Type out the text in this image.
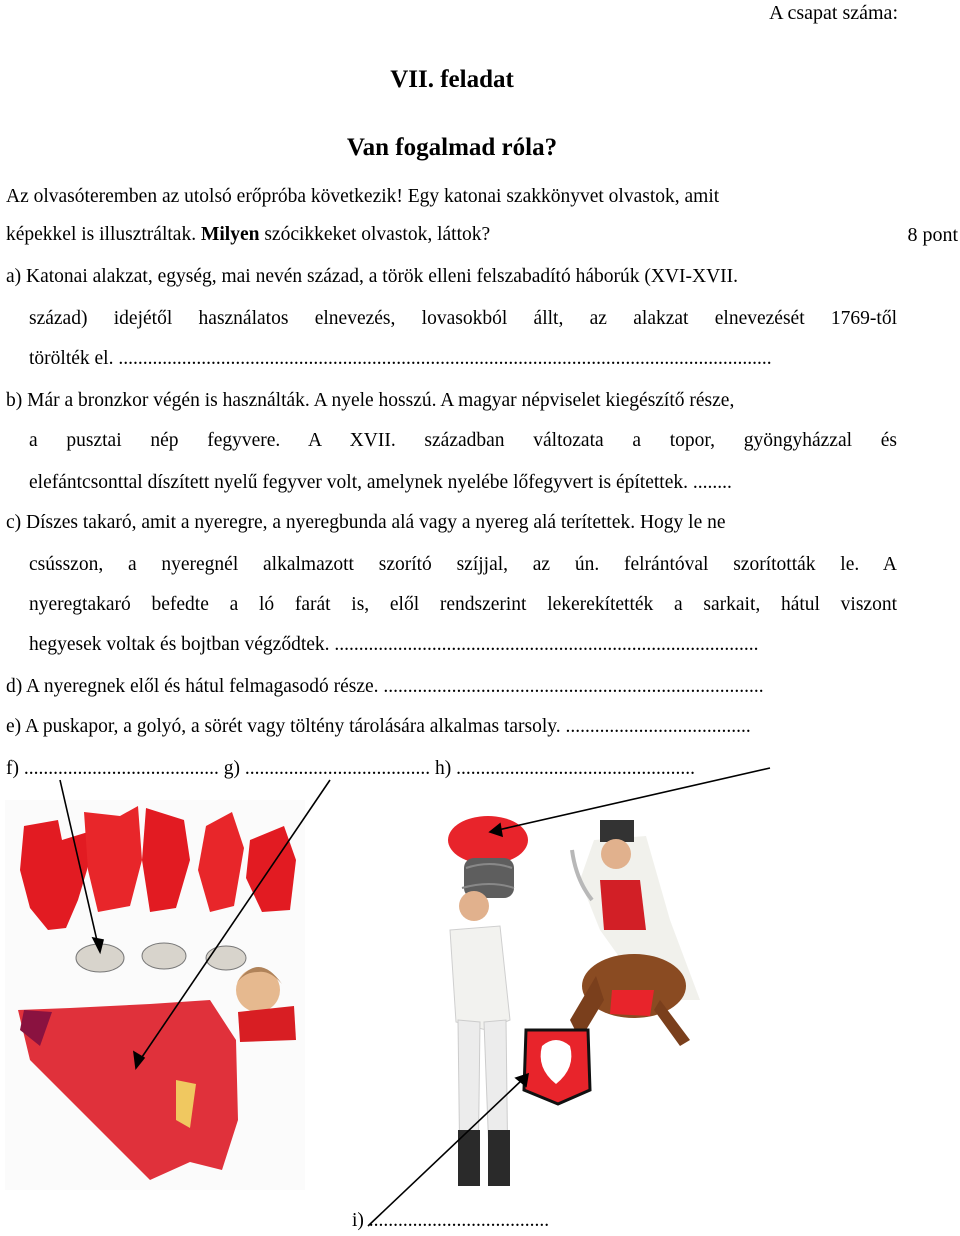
A csapat száma:
VII. feladat
Van fogalmad róla?
Az olvasóteremben az utolsó erőpróba következik! Egy katonai szakkönyvet olvastok, amit
képekkel is illusztráltak. Milyen szócikkeket olvastok, láttok?	8 pont
a) Katonai alakzat, egység, mai nevén század, a török elleni felszabadító háborúk (XVI-XVII.
század) idejétől használatos elnevezés, lovasokból állt, az alakzat elnevezését 1769-től
törölték el. ......................................................................................................................................
b) Már a bronzkor végén is használták. A nyele hosszú. A magyar népviselet kiegészítő része,
a pusztai nép fegyvere. A XVII. században változata a topor, gyöngyházzal és
elefántcsonttal díszített nyelű fegyver volt, amelynek nyelébe lőfegyvert is építettek. ........
c) Díszes takaró, amit a nyeregre, a nyeregbunda alá vagy a nyereg alá terítettek. Hogy le ne
csússzon, a nyeregnél alkalmazott szorító szíjjal, az ún. felrántóval szorították le. A
nyeregtakaró befedte a ló farát is, elől rendszerint lekerekítették a sarkait, hátul viszont
hegyesek voltak és bojtban végződtek. .......................................................................................
d) A nyeregnek elől és hátul felmagasodó része. ..............................................................................
e) A puskapor, a golyó, a sörét vagy töltény tárolására alkalmas tarsoly. ......................................
f) ........................................ g) ...................................... h) .................................................
i) .....................................
